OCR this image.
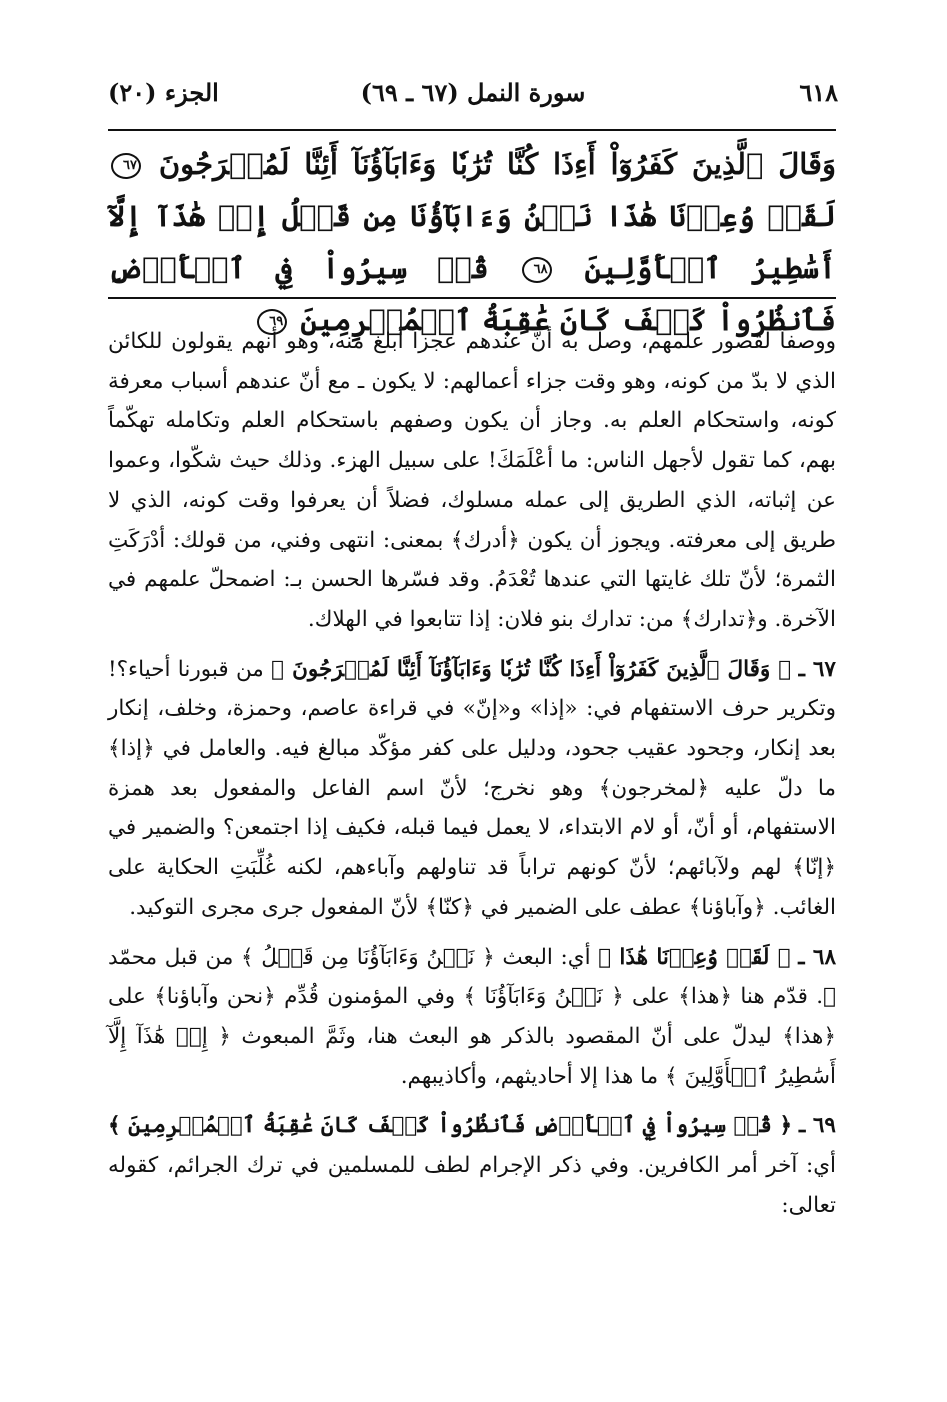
٦١٨
سورة النمل (٦٧ ـ ٦٩)
الجزء (٢٠)
وَقَالَ ٱلَّذِينَ كَفَرُوٓاْ أَءِذَا كُنَّا تُرَٰبٗا وَءَابَآؤُنَآ أَئِنَّا لَمُخۡرَجُونَ ٦٧ لَقَدۡ وُعِدۡنَا هَٰذَا نَحۡنُ وَءَابَآؤُنَا مِن قَبۡلُ إِنۡ هَٰذَآ إِلَّآ أَسَٰطِيرُ ٱلۡأَوَّلِينَ ٦٨ قُلۡ سِيرُواْ فِي ٱلۡأَرۡضِ فَٱنظُرُواْ كَيۡفَ كَانَ عَٰقِبَةُ ٱلۡمُجۡرِمِينَ ٦٩

ووصفاً لقصور علمهم، وصل به أنّ عندهم عجزاً أبلغ منه، وهو أنهم يقولون للكائن الذي لا بدّ من كونه، وهو وقت جزاء أعمالهم: لا يكون ـ مع أنّ عندهم أسباب معرفة كونه، واستحكام العلم به. وجاز أن يكون وصفهم باستحكام العلم وتكامله تهكّماً بهم، كما تقول لأجهل الناس: ما أعْلَمَكَ! على سبيل الهزء. وذلك حيث شكّوا، وعموا عن إثباته، الذي الطريق إلى عمله مسلوك، فضلاً أن يعرفوا وقت كونه، الذي لا طريق إلى معرفته. ويجوز أن يكون ﴿أدرك﴾ بمعنى: انتهى وفني، من قولك: أدْرَكَتِ الثمرة؛ لأنّ تلك غايتها التي عندها تُعْدَمُ. وقد فسّرها الحسن بـ: اضمحلّ علمهم في الآخرة. و﴿تدارك﴾ من: تدارك بنو فلان: إذا تتابعوا في الهلاك.

٦٧ ـ ﴿ وَقَالَ ٱلَّذِينَ كَفَرُوٓاْ أَءِذَا كُنَّا تُرَٰبٗا وَءَابَآؤُنَآ أَئِنَّا لَمُخۡرَجُونَ ﴾ من قبورنا أحياء؟! وتكرير حرف الاستفهام في: «إذا» و«إنّ» في قراءة عاصم، وحمزة، وخلف، إنكار بعد إنكار، وجحود عقيب جحود، ودليل على كفر مؤكّد مبالغ فيه. والعامل في ﴿إذا﴾ ما دلّ عليه ﴿لمخرجون﴾ وهو نخرج؛ لأنّ اسم الفاعل والمفعول بعد همزة الاستفهام، أو أنّ، أو لام الابتداء، لا يعمل فيما قبله، فكيف إذا اجتمعن؟ والضمير في ﴿إنّا﴾ لهم ولآبائهم؛ لأنّ كونهم تراباً قد تناولهم وآباءهم، لكنه غُلِّبَتِ الحكاية على الغائب. ﴿وآباؤنا﴾ عطف على الضمير في ﴿كنّا﴾ لأنّ المفعول جرى مجرى التوكيد.

٦٨ ـ ﴿ لَقَدۡ وُعِدۡنَا هَٰذَا ﴾ أي: البعث ﴿ نَحۡنُ وَءَابَآؤُنَا مِن قَبۡلُ ﴾ من قبل محمّد ﷺ. قدّم هنا ﴿هذا﴾ على ﴿ نَحۡنُ وَءَابَآؤُنَا ﴾ وفي المؤمنون قُدِّم ﴿نحن وآباؤنا﴾ على ﴿هذا﴾ ليدلّ على أنّ المقصود بالذكر هو البعث هنا، وثَمَّ المبعوث ﴿ إِنۡ هَٰذَآ إِلَّآ أَسَٰطِيرُ ٱلۡأَوَّلِينَ ﴾ ما هذا إلا أحاديثهم، وأكاذيبهم.

٦٩ ـ ﴿ قُلۡ سِيرُواْ فِي ٱلۡأَرۡضِ فَٱنظُرُواْ كَيۡفَ كَانَ عَٰقِبَةُ ٱلۡمُجۡرِمِينَ ﴾ أي: آخر أمر الكافرين. وفي ذكر الإجرام لطف للمسلمين في ترك الجرائم، كقوله تعالى:
